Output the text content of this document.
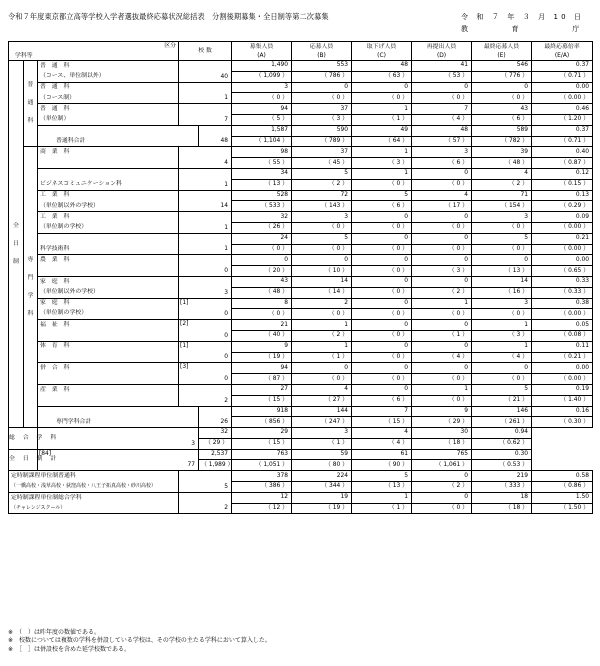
令和７年度東京都立高等学校入学者選抜最終応募状況総括表　分割後期募集・全日制等第二次募集	令 和 ７ 年 ３ 月 10 日
教　　　　育　　　　　庁
区分
学科等			校 数		募集人員	応募人員	取下げ人員	再提出人員	最終応募人員	最終応募倍率
					(A)	(B)	(C)	(D)	(E)	(E/A)

全
日
制	普
通
科	普　通　科		40	1,490	553	48	41	546	0.37
		（コース、単位制以外）			（ 1,099 ）	（ 786 ）	（ 63 ）	（ 53 ）	（ 776 ）	（ 0.71 ）
		普　通　科		1	3	0	0	0	0	0.00
		（コース制）			（ 0 ）	（ 0 ）	（ 0 ）	（ 0 ）	（ 0 ）	（ 0.00 ）
		普　通　科		7	94	37	1	7	43	0.46
		（単位制）			（ 5 ）	（ 3 ）	（ 1 ）	（ 4 ）	（ 6 ）	（ 1.20 ）
		普通科合計		48	1,587	590	49	48	589	0.37
					（ 1,104 ）	（ 789 ）	（ 64 ）	（ 57 ）	（ 782 ）	（ 0.71 ）

	専
門
学
科	商　業　科		4	98	37	1	3	39	0.40
					（ 55 ）	（ 45 ）	（ 3 ）	（ 6 ）	（ 48 ）	（ 0.87 ）
				1	34	5	1	0	4	0.12
		ビジネスコミュニケーション科			（ 13 ）	（ 2 ）	（ 0 ）	（ 0 ）	（ 2 ）	（ 0.15 ）
		工　業　科		14	528	72	5	4	71	0.13
		（単位制以外の学校）			（ 533 ）	（ 143 ）	（ 6 ）	（ 17 ）	（ 154 ）	（ 0.29 ）
		工　業　科		1	32	3	0	0	3	0.09
		（単位制の学校）			（ 26 ）	（ 0 ）	（ 0 ）	（ 0 ）	（ 0 ）	（ 0.00 ）
				1	24	5	0	0	5	0.21
		科学技術科			（ 0 ）	（ 0 ）	（ 0 ）	（ 0 ）	（ 0 ）	（ 0.00 ）
		農　業　科		0	0	0	0	0	0	0.00
					（ 20 ）	（ 10 ）	（ 0 ）	（ 3 ）	（ 13 ）	（ 0.65 ）
		家　庭　科		3	43	14	0	0	14	0.33
		（単位制以外の学校）			（ 48 ）	（ 14 ）	（ 0 ）	（ 2 ）	（ 16 ）	（ 0.33 ）
		家　庭　科	[1]	0	8	2	0	1	3	0.38
		（単位制の学校）			（ 0 ）	（ 0 ）	（ 0 ）	（ 0 ）	（ 0 ）	（ 0.00 ）
		福　祉　科	[2]	0	21	1	0	0	1	0.05
					（ 40 ）	（ 2 ）	（ 0 ）	（ 1 ）	（ 3 ）	（ 0.08 ）
		体　育　科	[1]	0	9	1	0	0	1	0.11
					（ 19 ）	（ 1 ）	（ 0 ）	（ 4 ）	（ 4 ）	（ 0.21 ）
		併　合　科	[3]	0	94	0	0	0	0	0.00
					（ 87 ）	（ 0 ）	（ 0 ）	（ 0 ）	（ 0 ）	（ 0.00 ）
		産　業　科		2	27	4	0	1	5	0.19
					（ 15 ）	（ 27 ）	（ 6 ）	（ 0 ）	（ 21 ）	（ 1.40 ）
		専門学科合計		26	918	144	7	9	146	0.16
					（ 856 ）	（ 247 ）	（ 15 ）	（ 29 ）	（ 261 ）	（ 0.30 ）
総　合　学　科			3	32	29	3	4	30	0.94	
				（ 29 ）	（ 15 ）	（ 1 ）	（ 4 ）	（ 18 ）	（ 0.62 ）	
全　日　制　計		[84]	77	2,537	763	59	61	765	0.30	
				（ 1,989 ）	（ 1,051 ）	（ 80 ）	（ 90 ）	（ 1,061 ）	（ 0.53 ）	
定時制課程単位制普通科				5	378	224	5	0	219	0.58
（一橋高校・浅草高校・荻窪高校・八王子拓真高校・砂川高校）					（ 386 ）	（ 344 ）	（ 13 ）	（ 2 ）	（ 333 ）	（ 0.86 ）
定時制課程単位制総合学科				2	12	19	1	0	18	1.50
（チャレンジスクール）					（ 12 ）	（ 19 ）	（ 1 ）	（ 0 ）	（ 18 ）	（ 1.50 ）
※　（　）は昨年度の数値である。
※　校数については複数の学科を併設している学校は、その学校の主たる学科において算入した。
※　［　］は併設校を含めた延学校数である。
